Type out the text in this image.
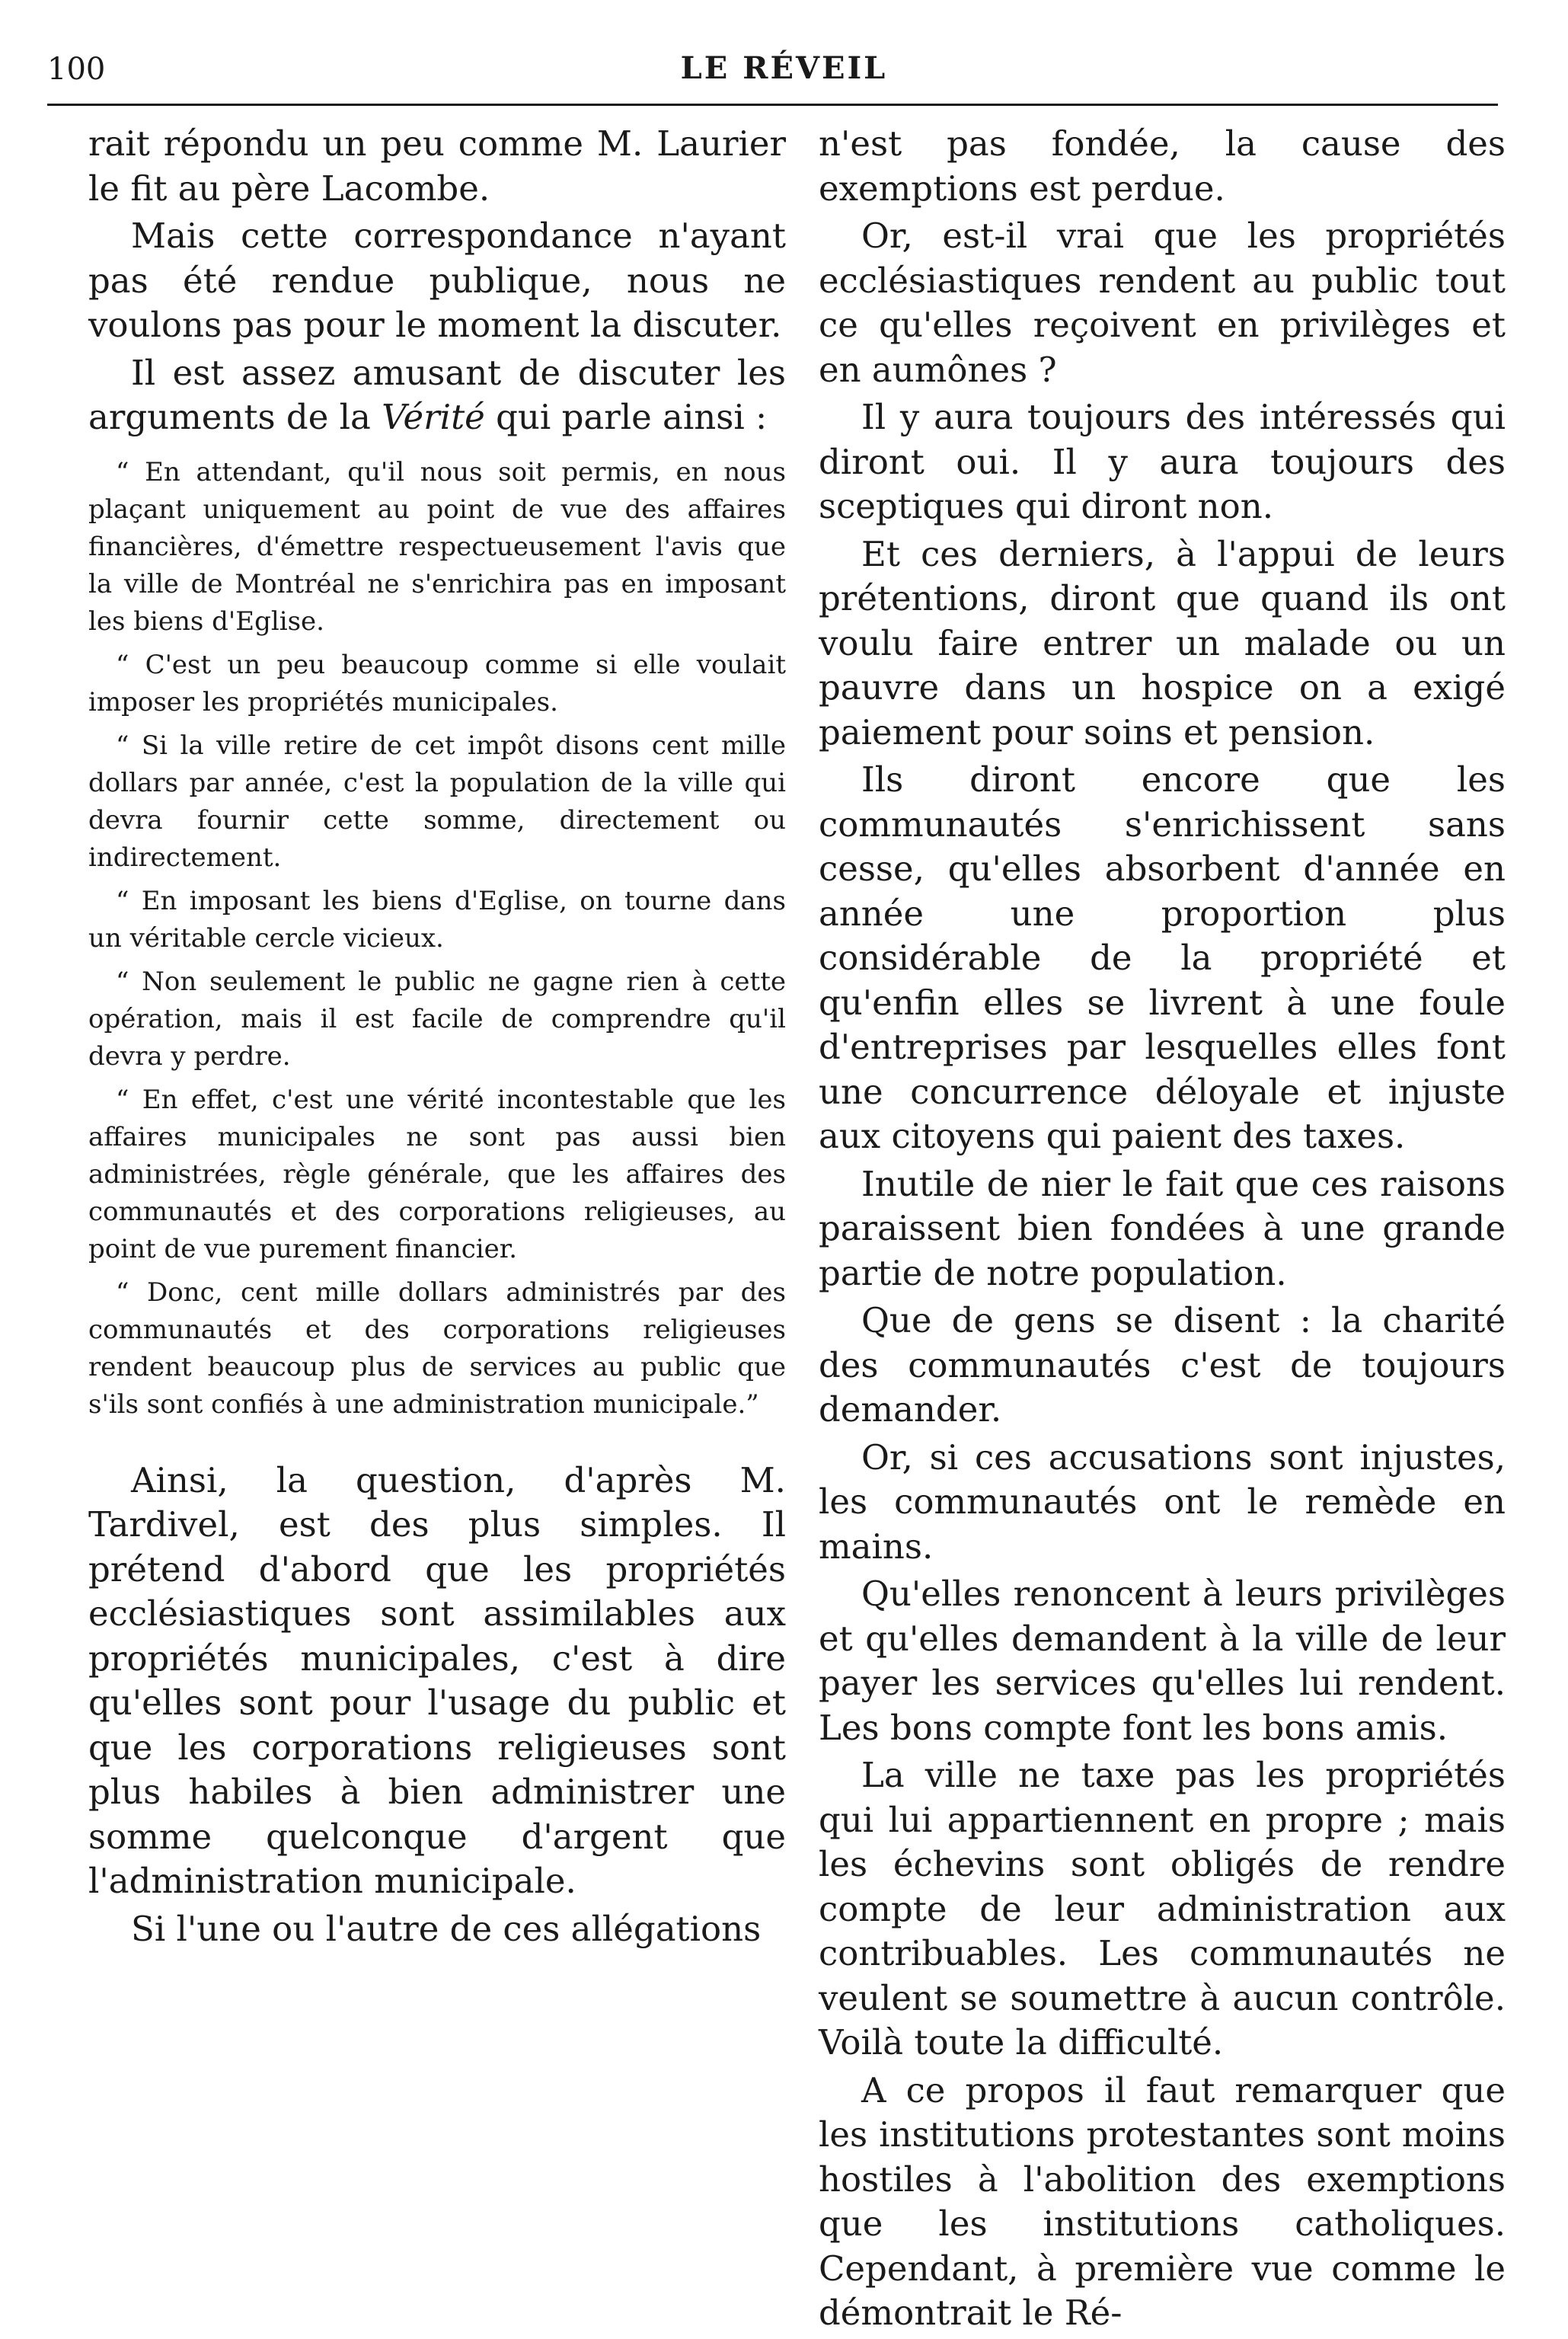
100	LE RÉVEIL

rait répondu un peu comme M. Laurier le fit au père Lacombe.

Mais cette correspondance n'ayant pas été rendue publique, nous ne voulons pas pour le moment la discuter.

Il est assez amusant de discuter les arguments de la Vérité qui parle ainsi :

“ En attendant, qu'il nous soit permis, en nous plaçant uniquement au point de vue des affaires financières, d'émettre respectueusement l'avis que la ville de Montréal ne s'enrichira pas en imposant les biens d'Eglise.

“ C'est un peu beaucoup comme si elle voulait imposer les propriétés municipales.

“ Si la ville retire de cet impôt disons cent mille dollars par année, c'est la population de la ville qui devra fournir cette somme, directement ou indirectement.

“ En imposant les biens d'Eglise, on tourne dans un véritable cercle vicieux.

“ Non seulement le public ne gagne rien à cette opération, mais il est facile de comprendre qu'il devra y perdre.

“ En effet, c'est une vérité incontestable que les affaires municipales ne sont pas aussi bien administrées, règle générale, que les affaires des communautés et des corporations religieuses, au point de vue purement financier.

“ Donc, cent mille dollars administrés par des communautés et des corporations religieuses rendent beaucoup plus de services au public que s'ils sont confiés à une administration municipale.”

Ainsi, la question, d'après M. Tardivel, est des plus simples. Il prétend d'abord que les propriétés ecclésiastiques sont assimilables aux propriétés municipales, c'est à dire qu'elles sont pour l'usage du public et que les corporations religieuses sont plus habiles à bien administrer une somme quelconque d'argent que l'administration municipale.

Si l'une ou l'autre de ces allégations

n'est pas fondée, la cause des exemptions est perdue.

Or, est-il vrai que les propriétés ecclésiastiques rendent au public tout ce qu'elles reçoivent en privilèges et en aumônes ?

Il y aura toujours des intéressés qui diront oui. Il y aura toujours des sceptiques qui diront non.

Et ces derniers, à l'appui de leurs prétentions, diront que quand ils ont voulu faire entrer un malade ou un pauvre dans un hospice on a exigé paiement pour soins et pension.

Ils diront encore que les communautés s'enrichissent sans cesse, qu'elles absorbent d'année en année une proportion plus considérable de la propriété et qu'enfin elles se livrent à une foule d'entreprises par lesquelles elles font une concurrence déloyale et injuste aux citoyens qui paient des taxes.

Inutile de nier le fait que ces raisons paraissent bien fondées à une grande partie de notre population.

Que de gens se disent : la charité des communautés c'est de toujours demander.

Or, si ces accusations sont injustes, les communautés ont le remède en mains.

Qu'elles renoncent à leurs privilèges et qu'elles demandent à la ville de leur payer les services qu'elles lui rendent. Les bons compte font les bons amis.

La ville ne taxe pas les propriétés qui lui appartiennent en propre ; mais les échevins sont obligés de rendre compte de leur administration aux contribuables. Les communautés ne veulent se soumettre à aucun contrôle. Voilà toute la difficulté.

A ce propos il faut remarquer que les institutions protestantes sont moins hostiles à l'abolition des exemptions que les institutions catholiques. Cependant, à première vue comme le démontrait le Ré-
